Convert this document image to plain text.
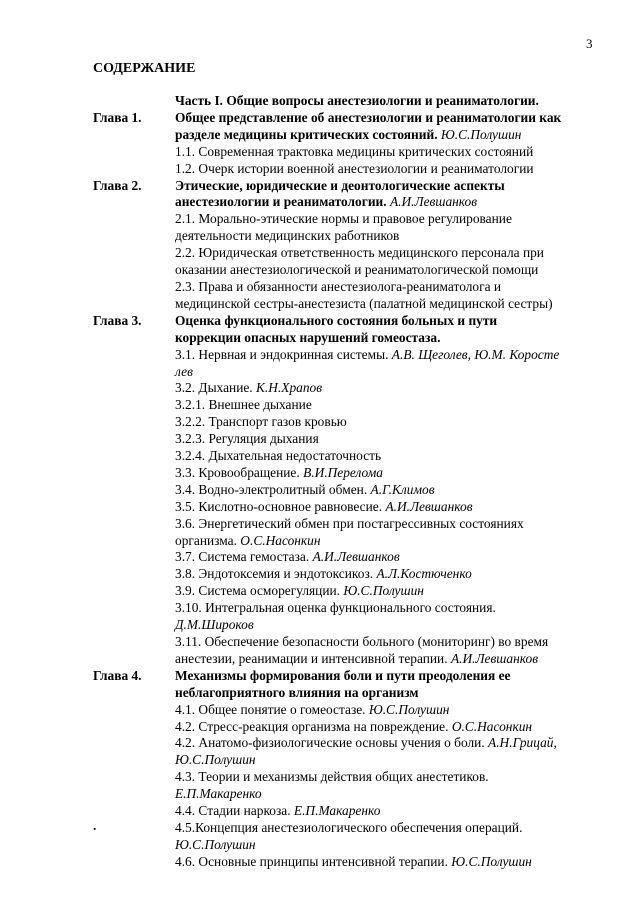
3
СОДЕРЖАНИЕ
Часть I. Общие вопросы анестезиологии и реаниматологии.
Глава 1. Общее представление об анестезиологии и реаниматологии как разделе медицины критических состояний. Ю.С.Полушин
1.1. Современная трактовка медицины критических состояний
1.2. Очерк истории военной анестезиологии и реаниматологии
Глава 2. Этические, юридические и деонтологические аспекты анестезиологии и реаниматологии. А.И.Левшанков
2.1. Морально-этические нормы и правовое регулирование деятельности медицинских работников
2.2. Юридическая ответственность медицинского персонала при оказании анестезиологической и реаниматологической помощи
2.3. Права и обязанности анестезиолога-реаниматолога и медицинской сестры-анестезиста (палатной медицинской сестры)
Глава 3. Оценка функционального состояния больных и пути коррекции опасных нарушений гомеостаза.
3.1. Нервная и эндокринная системы. А.В. Щеголев, Ю.М. Коросте лев
3.2. Дыхание. К.Н.Храпов
3.2.1. Внешнее дыхание
3.2.2. Транспорт газов кровью
3.2.3. Регуляция дыхания
3.2.4. Дыхательная недостаточность
3.3. Кровообращение. В.И.Перелома
3.4. Водно-электролитный обмен. А.Г.Климов
3.5. Кислотно-основное равновесие. А.И.Левшанков
3.6. Энергетический обмен при постагрессивных состояниях организма. О.С.Насонкин
3.7. Система гемостаза. А.И.Левшанков
3.8. Эндотоксемия и эндотоксикоз. А.Л.Костюченко
3.9. Система осморегуляции. Ю.С.Полушин
3.10. Интегральная оценка функционального состояния. Д.М.Широков
3.11. Обеспечение безопасности больного (мониторинг) во время анестезии, реанимации и интенсивной терапии. А.И.Левшанков
Глава 4. Механизмы формирования боли и пути преодоления ее неблагоприятного влияния на организм
4.1. Общее понятие о гомеостазе. Ю.С.Полушин
4.2. Стресс-реакция организма на повреждение. О.С.Насонкин
4.2. Анатомо-физиологические основы учения о боли. А.Н.Грицай, Ю.С.Полушин
4.3. Теории и механизмы действия общих анестетиков. Е.П.Макаренко
4.4. Стадии наркоза. Е.П.Макаренко
4.5.Концепция анестезиологического обеспечения операций. Ю.С.Полушин
4.6. Основные принципы интенсивной терапии. Ю.С.Полушин
.
